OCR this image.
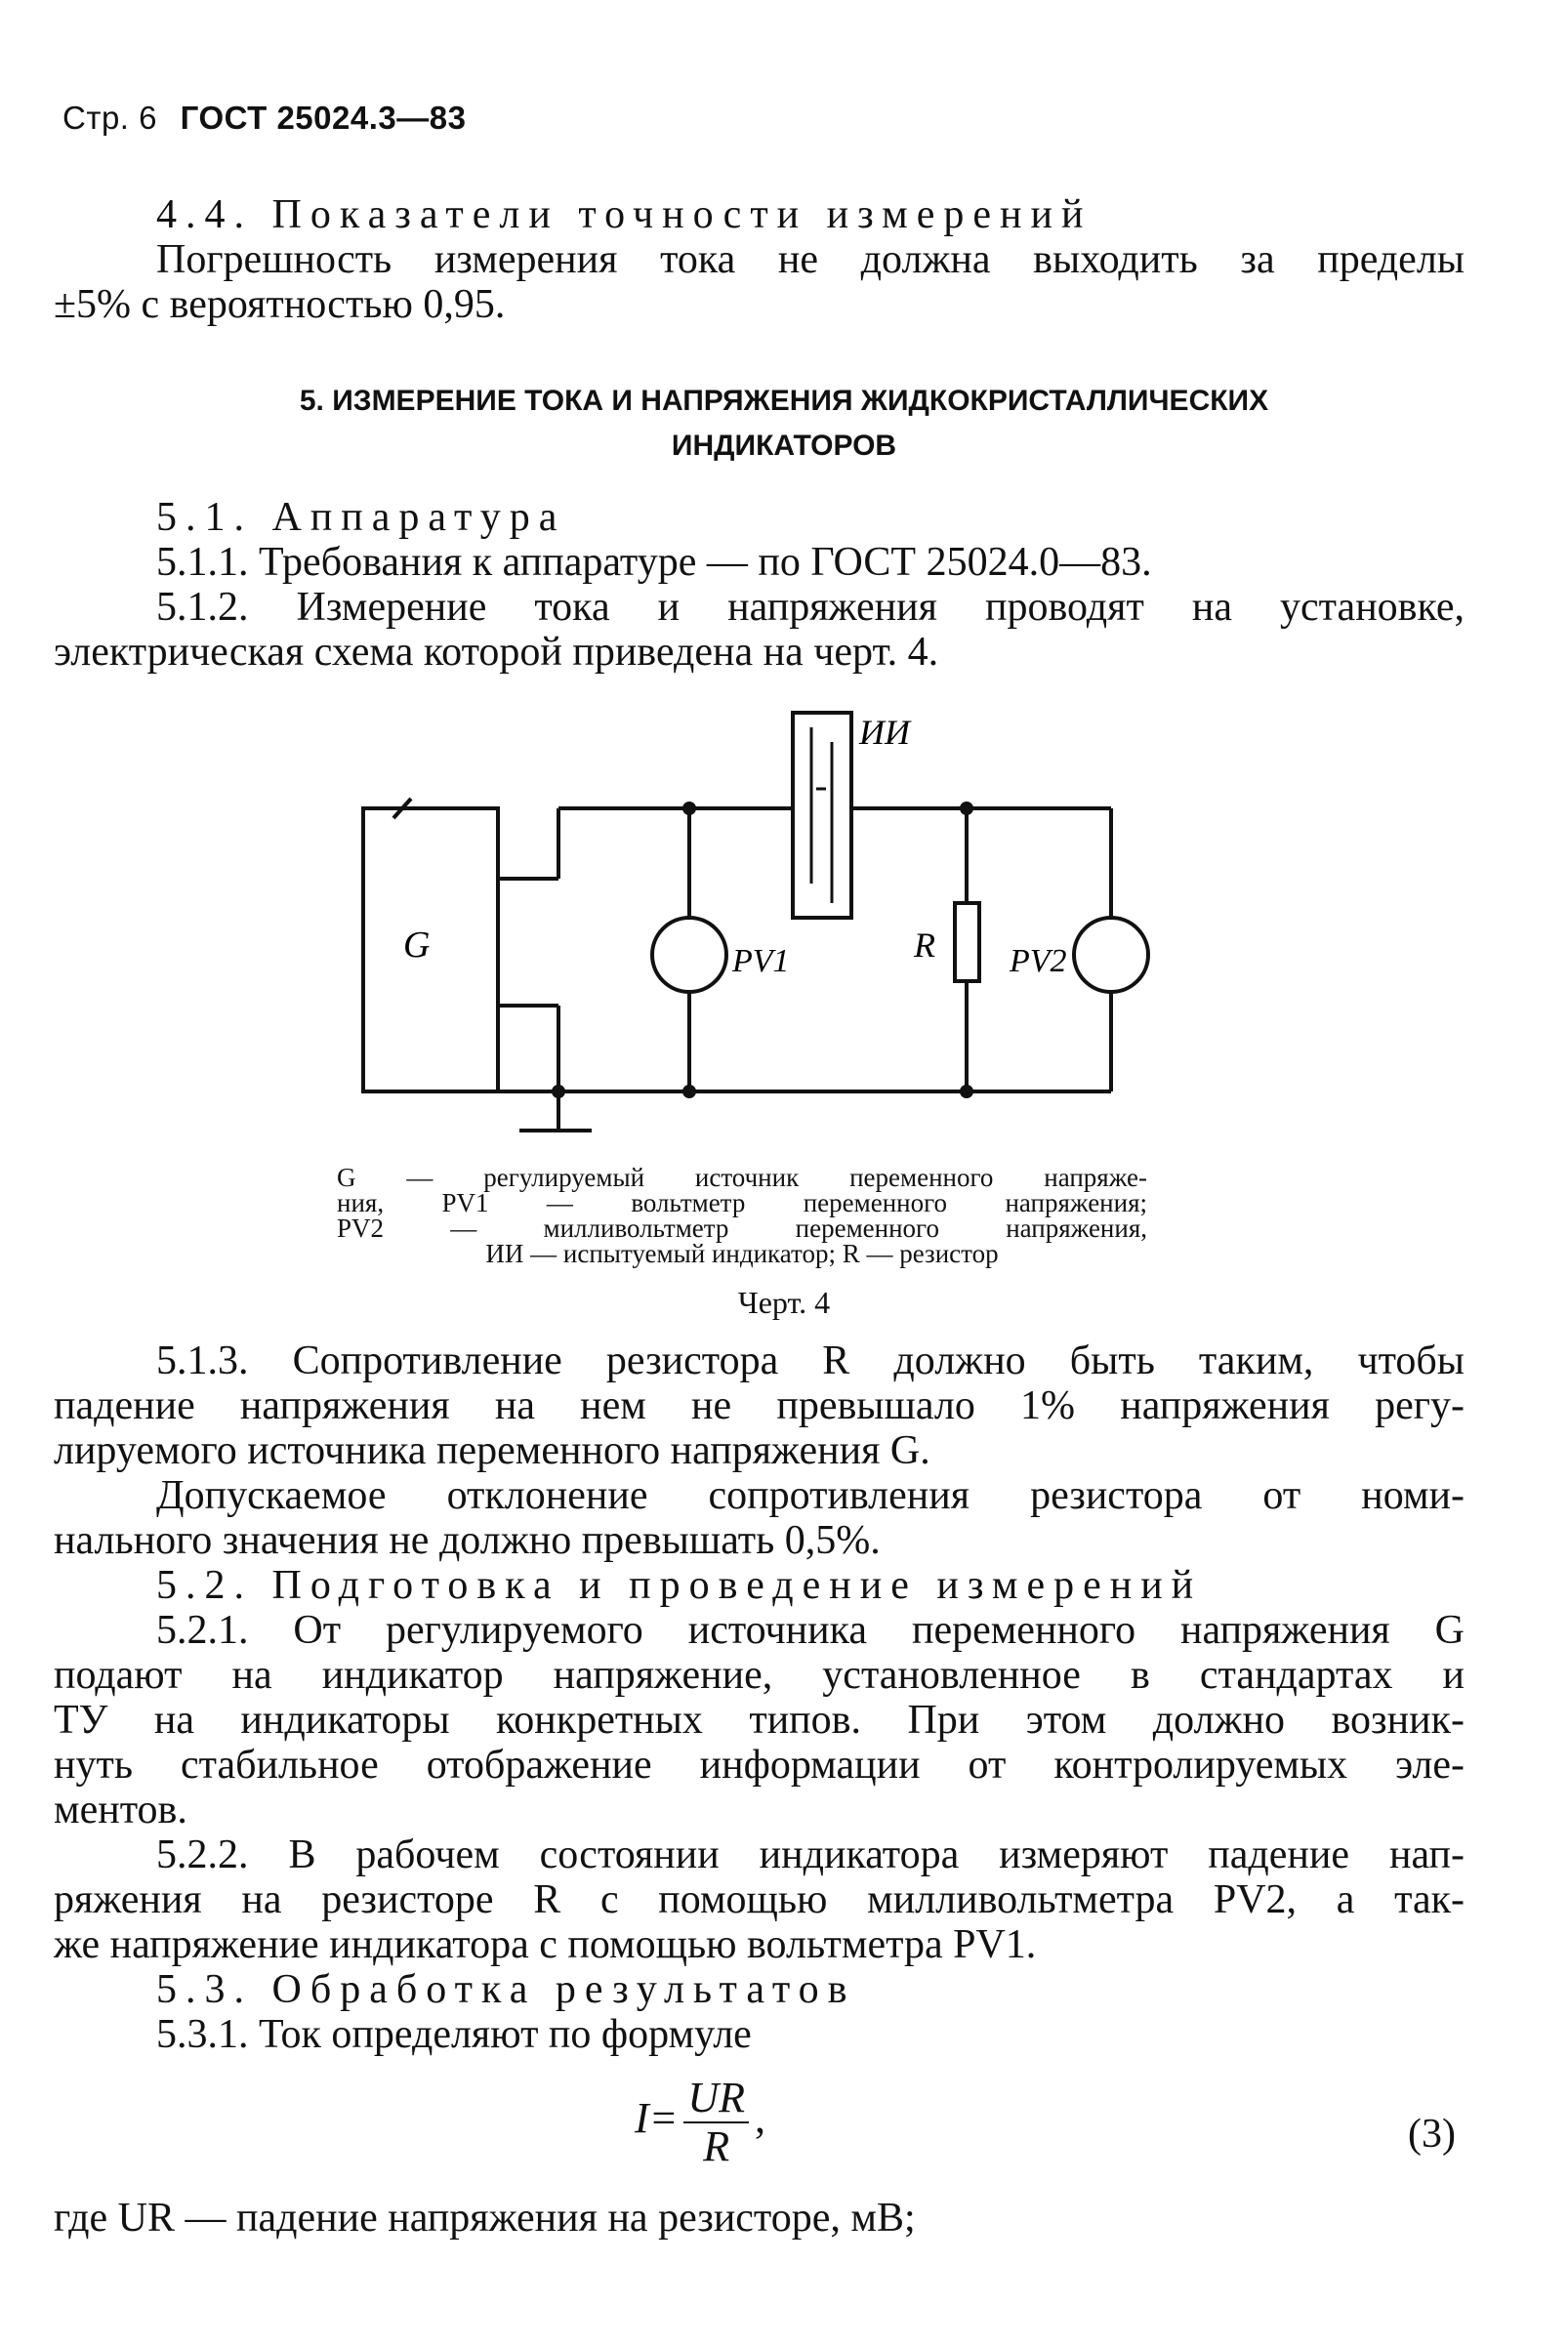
Стр. 6 ГОСТ 25024.3—83
4.4. Показатели точности измерений
Погрешность измерения тока не должна выходить за пределы
±5% с вероятностью 0,95.
5. ИЗМЕРЕНИЕ ТОКА И НАПРЯЖЕНИЯ ЖИДКОКРИСТАЛЛИЧЕСКИХ
ИНДИКАТОРОВ
5.1. Аппаратура
5.1.1. Требования к аппаратуре — по ГОСТ 25024.0—83.
5.1.2. Измерение тока и напряжения проводят на установке,
электрическая схема которой приведена на черт. 4.
ИИ
G	PV1	R PV2
G — регулируемый источник переменного напряже-
ния, PV1 — вольтметр переменного напряжения;
PV2 — милливольтметр переменного напряжения,
ИИ — испытуемый индикатор; R — резистор
Черт. 4
5.1.3. Сопротивление резистора R должно быть таким, чтобы
падение напряжения на нем не превышало 1% напряжения регу-
лируемого источника переменного напряжения G.
Допускаемое отклонение сопротивления резистора от номи-
нального значения не должно превышать 0,5%.
5.2. Подготовка и проведение измерений
5.2.1. От регулируемого источника переменного напряжения G
подают на индикатор напряжение, установленное в стандартах и
ТУ на индикаторы конкретных типов. При этом должно возник-
нуть стабильное отображение информации от контролируемых эле-
ментов.
5.2.2. В рабочем состоянии индикатора измеряют падение нап-
ряжения на резисторе R с помощью милливольтметра PV2, а так-
же напряжение индикатора с помощью вольтметра PV1.
5.3. Обработка результатов
5.3.1. Ток определяют по формуле
$I= \frac{UR}{R}$ ,	(3)
где UR — падение напряжения на резисторе, мВ;
